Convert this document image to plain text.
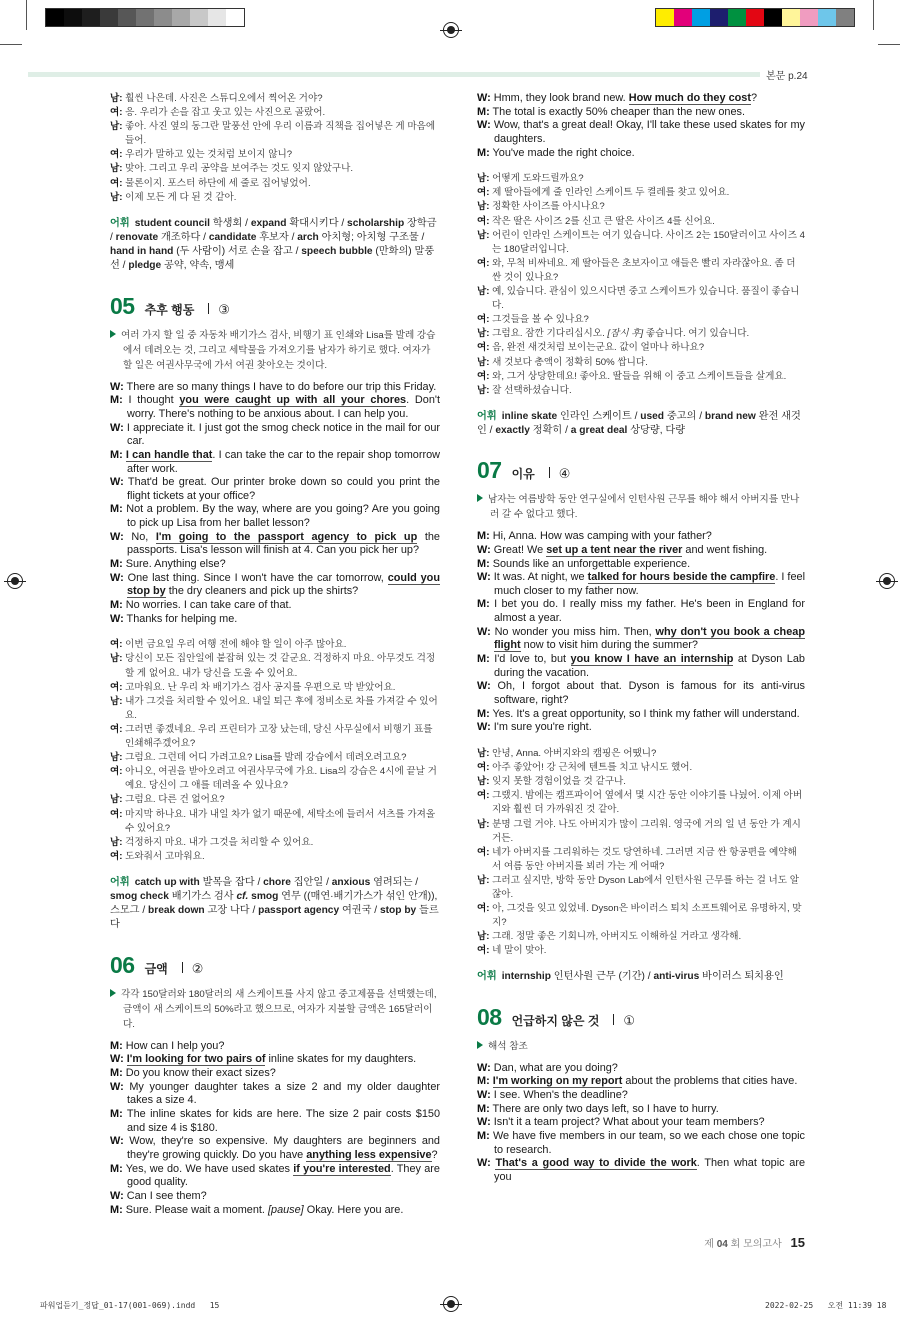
본문 p.24
남: 훨씬 나은데. 사진은 스튜디오에서 찍어온 거야?
여: 응. 우리가 손을 잡고 웃고 있는 사진으로 골랐어.
남: 좋아. 사진 옆의 동그란 말풍선 안에 우리 이름과 직책을 집어넣은 게 마음에 들어.
여: 우리가 말하고 있는 것처럼 보이지 않니?
남: 맞아. 그리고 우리 공약을 보여주는 것도 잊지 않았구나.
여: 물론이지. 포스터 하단에 세 줄로 집어넣었어.
남: 이제 모든 게 다 된 것 같아.
어휘 student council 학생회 / expand 확대시키다 / scholarship 장학금 / renovate 개조하다 / candidate 후보자 / arch 아치형; 아치형 구조물 / hand in hand (두 사람이) 서로 손을 잡고 / speech bubble (만화의) 말풍선 / pledge 공약, 약속, 맹세
05 추후 행동 ③
여러 가지 할 일 중 자동차 배기가스 검사, 비행기 표 인쇄와 Lisa를 발레 강습에서 데려오는 것, 그리고 세탁물을 가져오기를 남자가 하기로 했다. 여자가 할 일은 여권사무국에 가서 여권 찾아오는 것이다.
W: There are so many things I have to do before our trip this Friday.
M: I thought you were caught up with all your chores. Don't worry. There's nothing to be anxious about. I can help you.
W: I appreciate it. I just got the smog check notice in the mail for our car.
M: I can handle that. I can take the car to the repair shop tomorrow after work.
W: That'd be great. Our printer broke down so could you print the flight tickets at your office?
M: Not a problem. By the way, where are you going? Are you going to pick up Lisa from her ballet lesson?
W: No, I'm going to the passport agency to pick up the passports. Lisa's lesson will finish at 4. Can you pick her up?
M: Sure. Anything else?
W: One last thing. Since I won't have the car tomorrow, could you stop by the dry cleaners and pick up the shirts?
M: No worries. I can take care of that.
W: Thanks for helping me.
여: 이번 금요일 우리 여행 전에 해야 할 일이 아주 많아요.
남: 당신이 모든 집안일에 붙잡혀 있는 것 같군요. 걱정하지 마요. 아무것도 걱정할 게 없어요. 내가 당신을 도울 수 있어요.
여: 고마워요. 난 우리 차 배기가스 검사 공지를 우편으로 막 받았어요.
남: 내가 그것을 처리할 수 있어요. 내일 퇴근 후에 정비소로 차를 가져갈 수 있어요.
여: 그러면 좋겠네요. 우리 프린터가 고장 났는데, 당신 사무실에서 비행기 표를 인쇄해주겠어요?
남: 그럼요. 그런데 어디 가려고요? Lisa를 발레 강습에서 데려오려고요?
여: 아니오, 여권을 받아오려고 여권사무국에 가요. Lisa의 강습은 4시에 끝날 거예요. 당신이 그 애를 데려올 수 있나요?
남: 그럼요. 다른 건 없어요?
여: 마지막 하나요. 내가 내일 차가 없기 때문에, 세탁소에 들러서 셔츠를 가져올 수 있어요?
남: 걱정하지 마요. 내가 그것을 처리할 수 있어요.
여: 도와줘서 고마워요.
어휘 catch up with 발목을 잡다 / chore 집안일 / anxious 염려되는 / smog check 배기가스 검사 cf. smog 연무 ((매연·배기가스가 섞인 안개)), 스모그 / break down 고장 나다 / passport agency 여권국 / stop by 들르다
06 금액 ②
각각 150달러와 180달러의 새 스케이트를 사지 않고 중고제품을 선택했는데, 금액이 새 스케이트의 50%라고 했으므로, 여자가 지불할 금액은 165달러이다.
M: How can I help you?
W: I'm looking for two pairs of inline skates for my daughters.
M: Do you know their exact sizes?
W: My younger daughter takes a size 2 and my older daughter takes a size 4.
M: The inline skates for kids are here. The size 2 pair costs $150 and size 4 is $180.
W: Wow, they're so expensive. My daughters are beginners and they're growing quickly. Do you have anything less expensive?
M: Yes, we do. We have used skates if you're interested. They are good quality.
W: Can I see them?
M: Sure. Please wait a moment. [pause] Okay. Here you are.
W: Hmm, they look brand new. How much do they cost?
M: The total is exactly 50% cheaper than the new ones.
W: Wow, that's a great deal! Okay, I'll take these used skates for my daughters.
M: You've made the right choice.
남: 어떻게 도와드릴까요?
여: 제 딸아들에게 줄 인라인 스케이트 두 켤레를 찾고 있어요.
남: 정확한 사이즈를 아시나요?
여: 작은 딸은 사이즈 2를 신고 큰 딸은 사이즈 4를 신어요.
남: 어린이 인라인 스케이트는 여기 있습니다. 사이즈 2는 150달러이고 사이즈 4는 180달러입니다.
여: 와, 무척 비싸네요. 제 딸아들은 초보자이고 애들은 빨리 자라잖아요. 좀 더 싼 것이 있나요?
남: 예, 있습니다. 관심이 있으시다면 중고 스케이트가 있습니다. 품질이 좋습니다.
여: 그것들을 볼 수 있나요?
남: 그럼요. 잠깐 기다리십시오. [잠시 후] 좋습니다. 여기 있습니다.
여: 음, 완전 새것처럼 보이는군요. 값이 얼마나 하나요?
남: 새 것보다 총액이 정확히 50% 쌉니다.
여: 와, 그거 상당한데요! 좋아요. 딸들을 위해 이 중고 스케이트들을 살게요.
남: 잘 선택하셨습니다.
어휘 inline skate 인라인 스케이트 / used 중고의 / brand new 완전 새것인 / exactly 정확히 / a great deal 상당량, 다량
07 이유 ④
남자는 여름방학 동안 연구실에서 인턴사원 근무를 해야 해서 아버지를 만나러 갈 수 없다고 했다.
M: Hi, Anna. How was camping with your father?
W: Great! We set up a tent near the river and went fishing.
M: Sounds like an unforgettable experience.
W: It was. At night, we talked for hours beside the campfire. I feel much closer to my father now.
M: I bet you do. I really miss my father. He's been in England for almost a year.
W: No wonder you miss him. Then, why don't you book a cheap flight now to visit him during the summer?
M: I'd love to, but you know I have an internship at Dyson Lab during the vacation.
W: Oh, I forgot about that. Dyson is famous for its anti-virus software, right?
M: Yes. It's a great opportunity, so I think my father will understand.
W: I'm sure you're right.
남: 안녕, Anna. 아버지와의 캠핑은 어땠니?
여: 아주 좋았어! 강 근처에 텐트를 치고 낚시도 했어.
남: 잊지 못할 경험이었을 것 같구나.
여: 그랬지. 밤에는 캠프파이어 옆에서 몇 시간 동안 이야기를 나눴어. 이제 아버지와 훨씬 더 가까워진 것 같아.
남: 분명 그럴 거야. 나도 아버지가 많이 그리워. 영국에 거의 일 년 동안 가 계시거든.
여: 네가 아버지를 그리워하는 것도 당연하네. 그러면 지금 싼 항공편을 예약해서 여름 동안 아버지를 뵈러 가는 게 어때?
남: 그러고 싶지만, 방학 동안 Dyson Lab에서 인턴사원 근무를 하는 걸 너도 알잖아.
여: 아, 그것을 잊고 있었네. Dyson은 바이러스 퇴치 소프트웨어로 유명하지, 맞지?
남: 그래. 정말 좋은 기회니까, 아버지도 이해하실 거라고 생각해.
여: 네 말이 맞아.
어휘 internship 인턴사원 근무 (기간) / anti-virus 바이러스 퇴치용인
08 언급하지 않은 것 ①
해석 참조
W: Dan, what are you doing?
M: I'm working on my report about the problems that cities have.
W: I see. When's the deadline?
M: There are only two days left, so I have to hurry.
W: Isn't it a team project? What about your team members?
M: We have five members in our team, so we each chose one topic to research.
W: That's a good way to divide the work. Then what topic are you
제 04 회 모의고사 15
파워업듣기_정답_01-17(001-069).indd   15	2022-02-25   오전 11:39 18
